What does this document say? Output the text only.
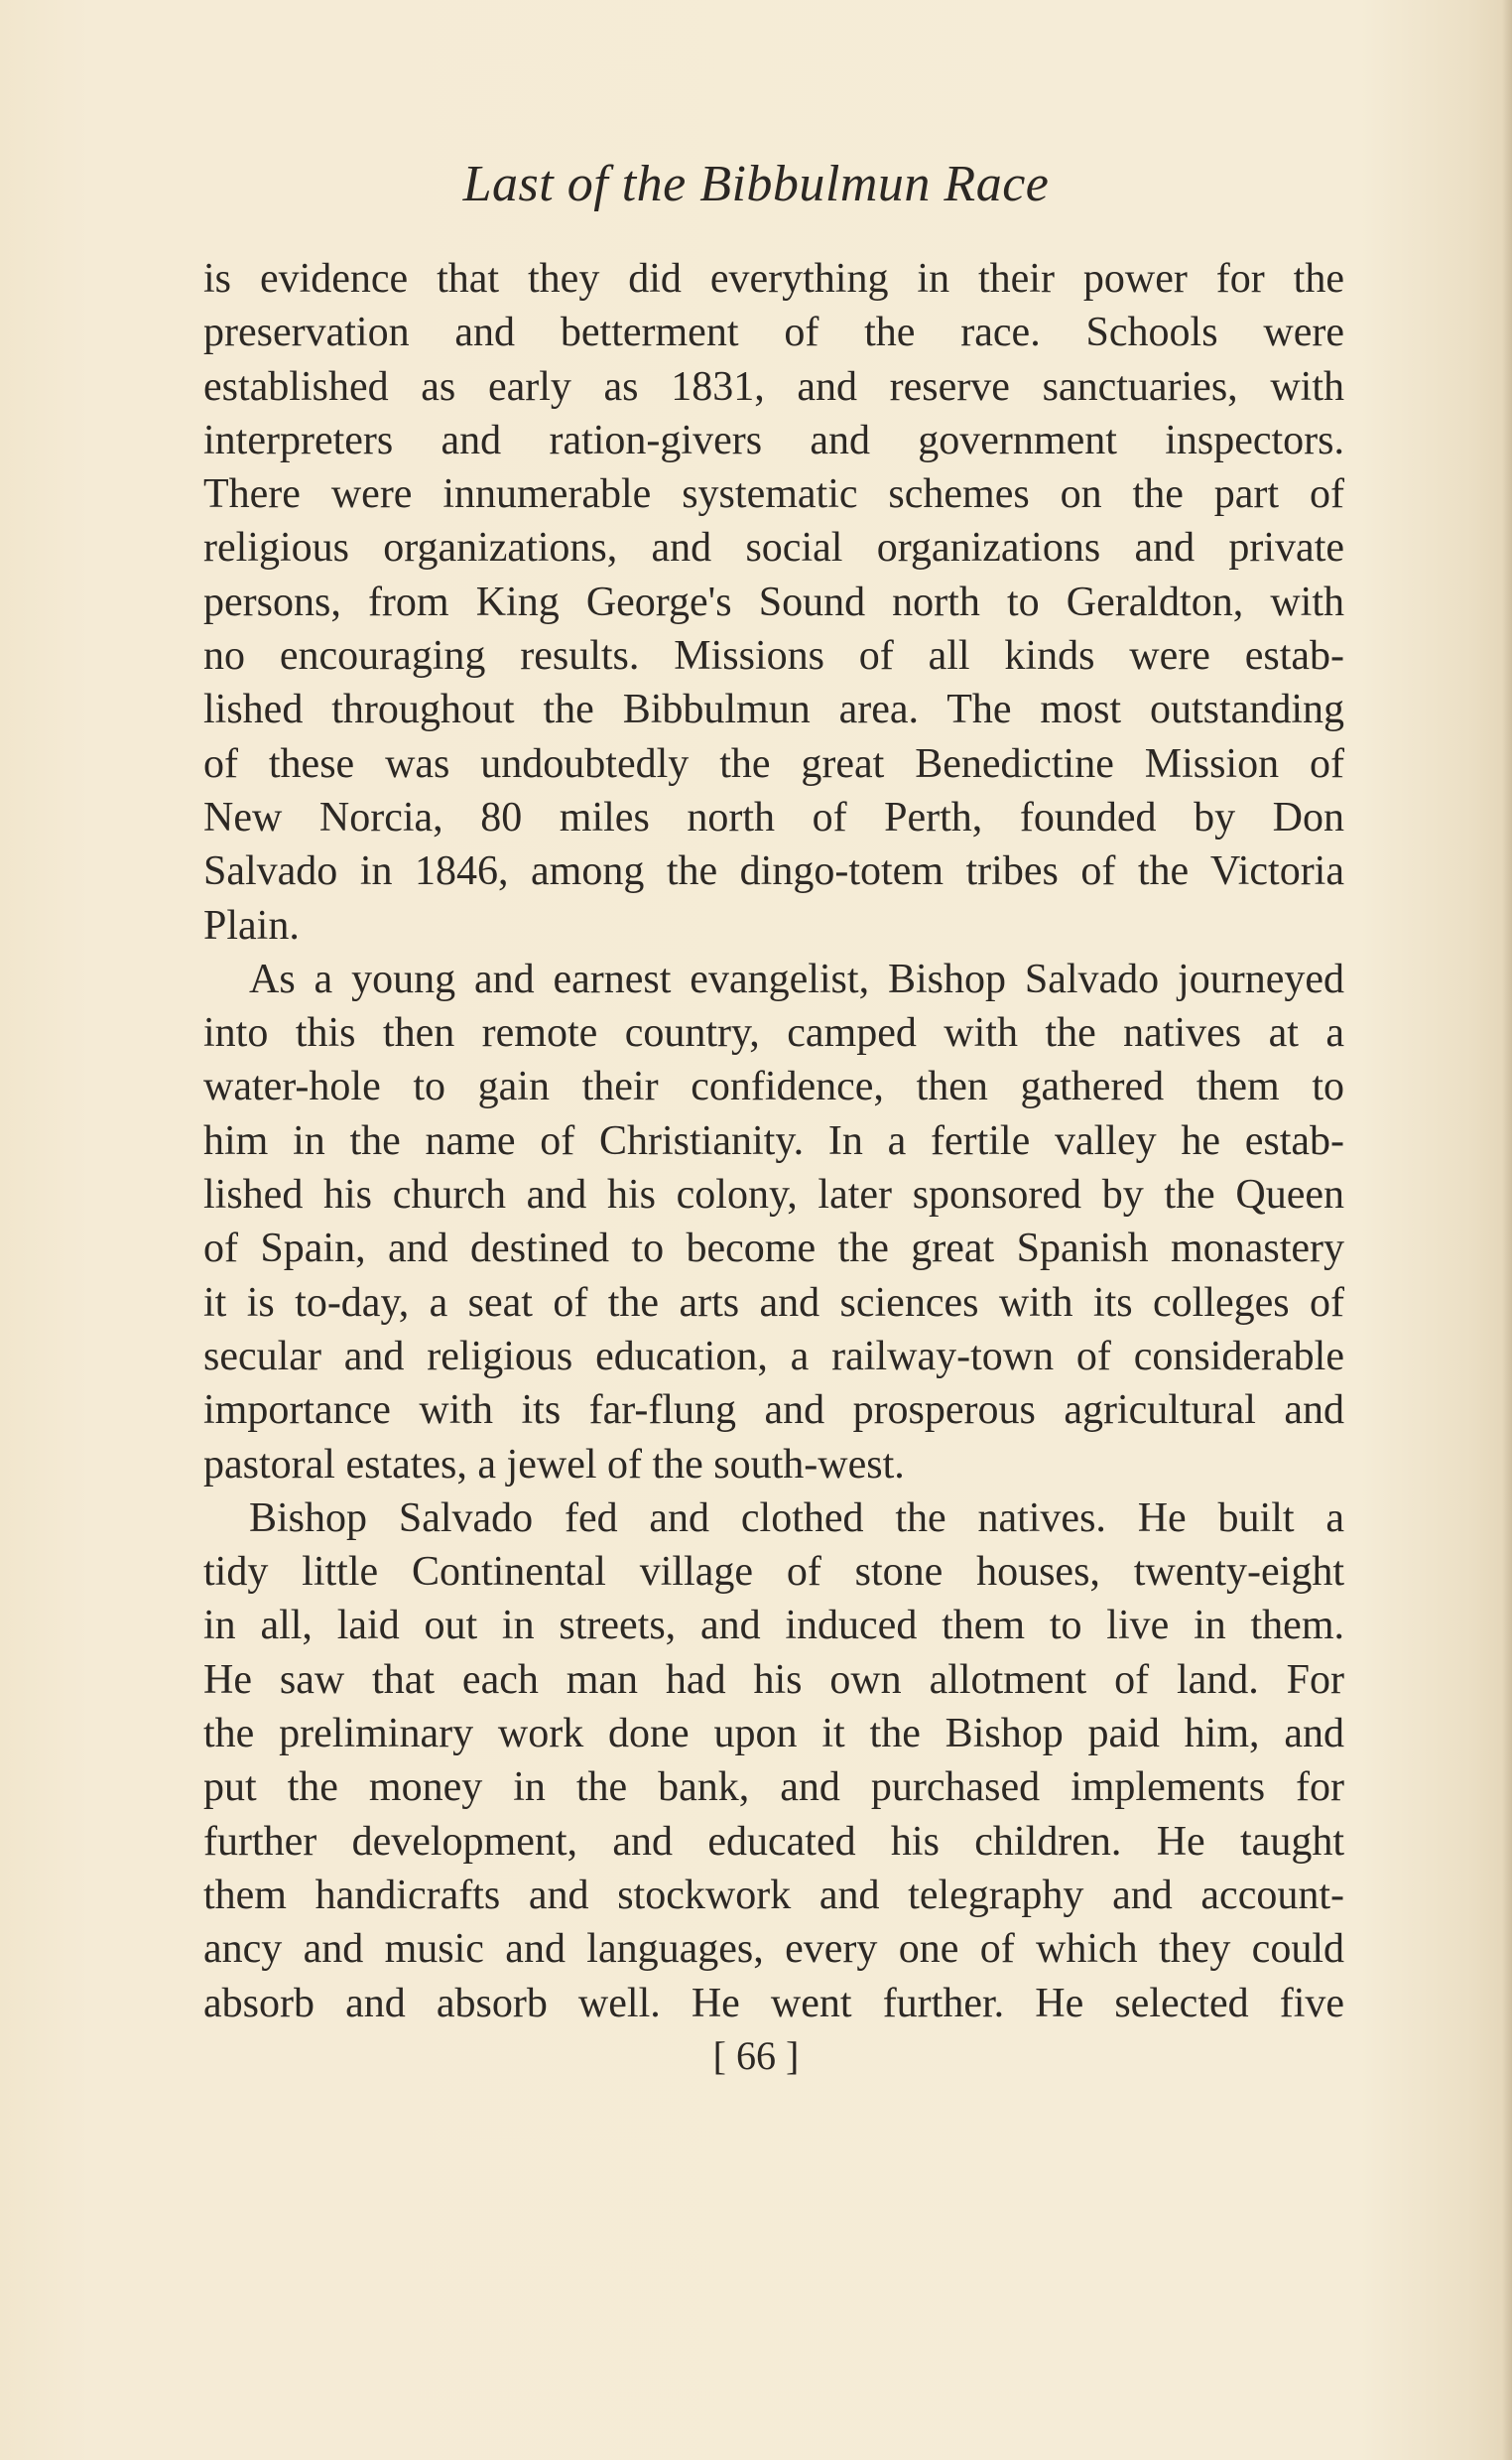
Last of the Bibbulmun Race

is evidence that they did everything in their power for the
preservation and betterment of the race. Schools were
established as early as 1831, and reserve sanctuaries, with
interpreters and ration-givers and government inspectors.
There were innumerable systematic schemes on the part of
religious organizations, and social organizations and private
persons, from King George's Sound north to Geraldton, with
no encouraging results. Missions of all kinds were estab-
lished throughout the Bibbulmun area. The most outstanding
of these was undoubtedly the great Benedictine Mission of
New Norcia, 80 miles north of Perth, founded by Don
Salvado in 1846, among the dingo-totem tribes of the Victoria
Plain.

As a young and earnest evangelist, Bishop Salvado journeyed
into this then remote country, camped with the natives at a
water-hole to gain their confidence, then gathered them to
him in the name of Christianity. In a fertile valley he estab-
lished his church and his colony, later sponsored by the Queen
of Spain, and destined to become the great Spanish monastery
it is to-day, a seat of the arts and sciences with its colleges of
secular and religious education, a railway-town of considerable
importance with its far-flung and prosperous agricultural and
pastoral estates, a jewel of the south-west.

Bishop Salvado fed and clothed the natives. He built a
tidy little Continental village of stone houses, twenty-eight
in all, laid out in streets, and induced them to live in them.
He saw that each man had his own allotment of land. For
the preliminary work done upon it the Bishop paid him, and
put the money in the bank, and purchased implements for
further development, and educated his children. He taught
them handicrafts and stockwork and telegraphy and account-
ancy and music and languages, every one of which they could
absorb and absorb well. He went further. He selected five

[ 66 ]
